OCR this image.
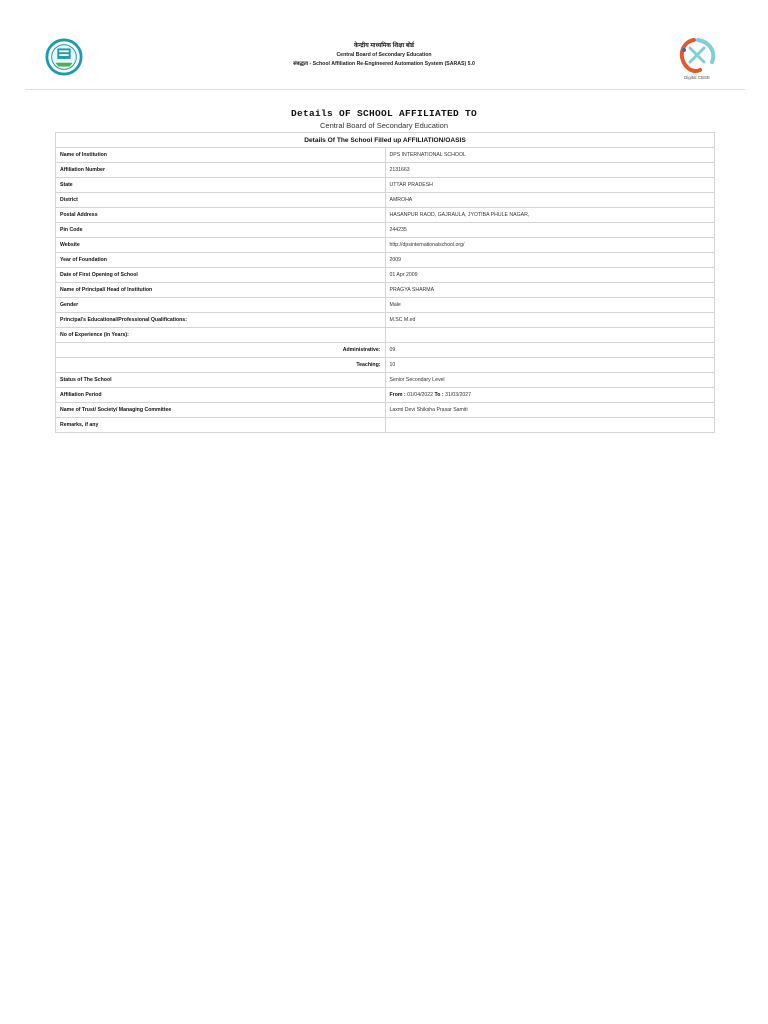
केन्द्रीय माध्यमिक शिक्षा बोर्ड
Central Board of Secondary Education
संबद्धता - School Affiliation Re-Engineered Automation System (SARAS) 5.0
Digital CBSE
Details OF SCHOOL AFFILIATED TO
Central Board of Secondary Education
Details Of The School Filled up AFFILIATION/OASIS	
Name of Institution	DPS INTERNATIONAL SCHOOL
Affiliation Number	2131663
State	UTTAR PRADESH
District	AMROHA
Postal Address	HASANPUR RAOD, GAJRAULA, JYOTIBA PHULE NAGAR,
Pin Code	244235
Website	http://dpsinternationalschool.org/
Year of Foundation	2009
Date of First Opening of School	01 Apr 2009
Name of Principal/ Head of Institution	PRAGYA SHARMA
Gender	Male
Principal's Educational/Professional Qualifications:	M.SC M.ed
No of Experience (in Years):	
Administrative:	09
Teaching:	10
Status of The School	Senior Secondary Level
Affiliation Period	From : 01/04/2022 To : 31/03/2027
Name of Trust/ Society/ Managing Committee	Laxmi Devi Shiksha Prasar Samiti
Remarks, if any	
